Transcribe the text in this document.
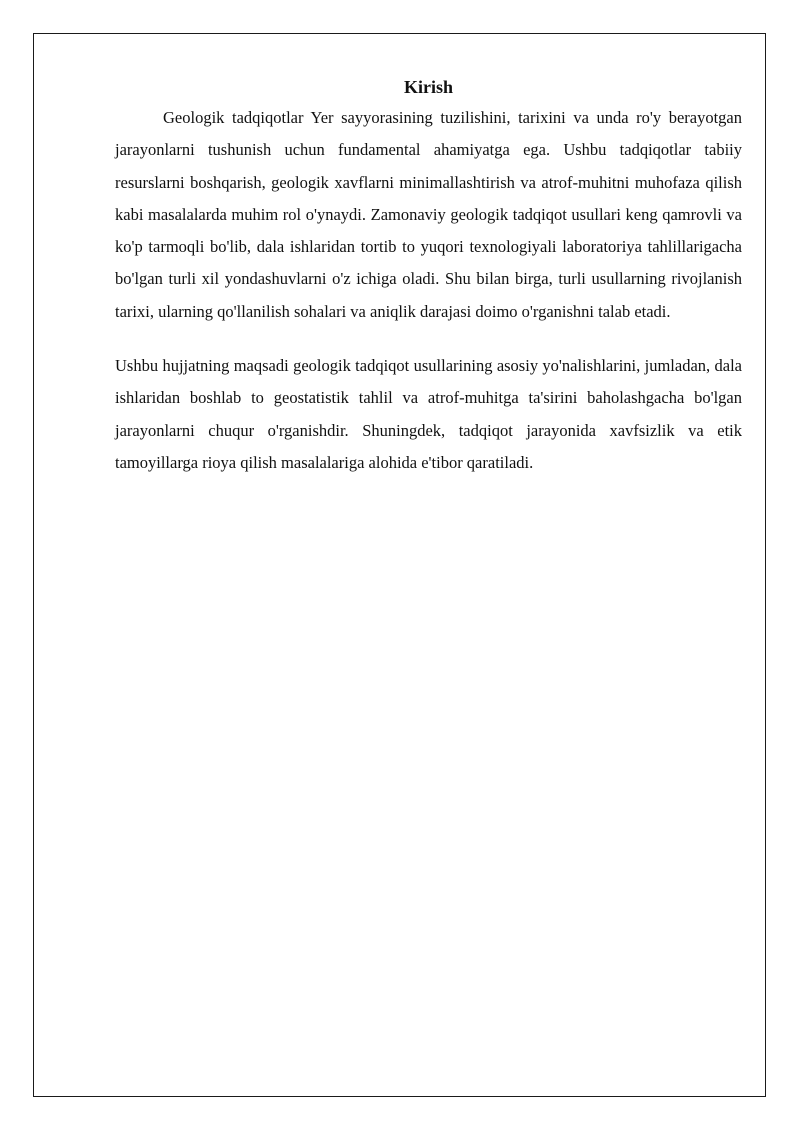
Kirish

Geologik tadqiqotlar Yer sayyorasining tuzilishini, tarixini va unda ro'y berayotgan jarayonlarni tushunish uchun fundamental ahamiyatga ega. Ushbu tadqiqotlar tabiiy resurslarni boshqarish, geologik xavflarni minimallashtirish va atrof-muhitni muhofaza qilish kabi masalalarda muhim rol o'ynaydi. Zamonaviy geologik tadqiqot usullari keng qamrovli va ko'p tarmoqli bo'lib, dala ishlaridan tortib to yuqori texnologiyali laboratoriya tahlillarigacha bo'lgan turli xil yondashuvlarni o'z ichiga oladi. Shu bilan birga, turli usullarning rivojlanish tarixi, ularning qo'llanilish sohalari va aniqlik darajasi doimo o'rganishni talab etadi.

Ushbu hujjatning maqsadi geologik tadqiqot usullarining asosiy yo'nalishlarini, jumladan, dala ishlaridan boshlab to geostatistik tahlil va atrof-muhitga ta'sirini baholashgacha bo'lgan jarayonlarni chuqur o'rganishdir. Shuningdek, tadqiqot jarayonida xavfsizlik va etik tamoyillarga rioya qilish masalalariga alohida e'tibor qaratiladi.
